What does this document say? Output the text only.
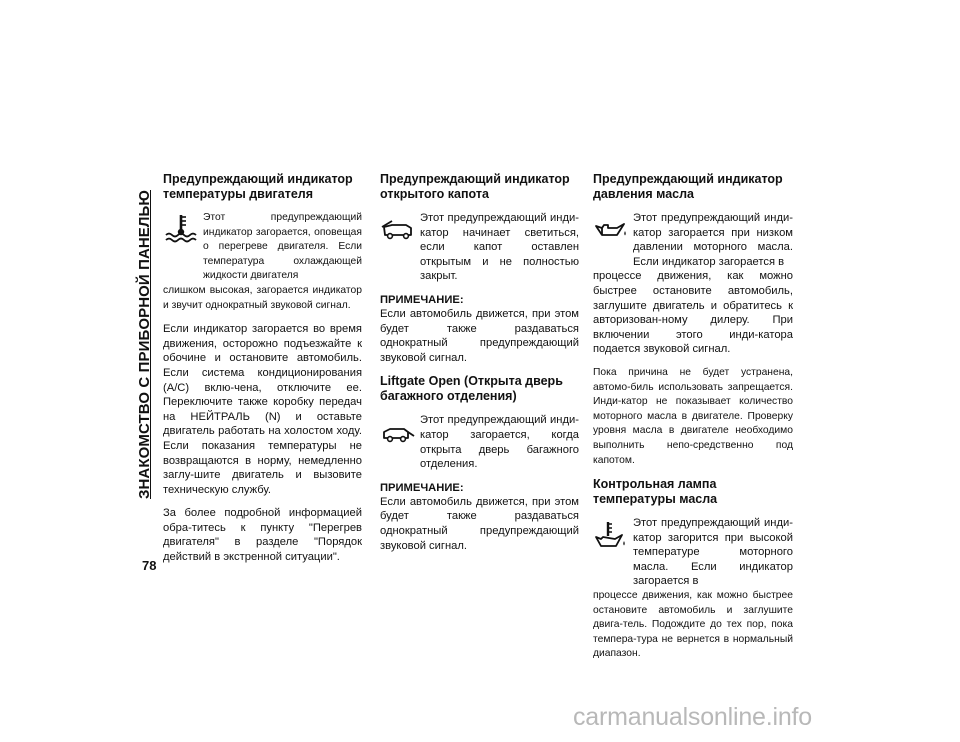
ЗНАКОМСТВО С ПРИБОРНОЙ ПАНЕЛЬЮ
78
Предупреждающий индикатор температуры двигателя

Этот предупреждающий индикатор загорается, оповещая о перегреве двигателя. Если температура охлаждающей жидкости двигателя

слишком высокая, загорается индикатор и звучит однократный звуковой сигнал.

Если индикатор загорается во время движения, осторожно подъезжайте к обочине и остановите автомобиль. Если система кондиционирования (A/C) вклю-чена, отключите ее. Переключите также коробку передач на НЕЙТРАЛЬ (N) и оставьте двигатель работать на холостом ходу. Если показания температуры не возвращаются в норму, немедленно заглу-шите двигатель и вызовите техническую службу.

За более подробной информацией обра-титесь к пункту "Перегрев двигателя" в разделе "Порядок действий в экстренной ситуации".

Предупреждающий индикатор открытого капота

Этот предупреждающий инди-катор начинает светиться, если капот оставлен открытым и не полностью закрыт.

ПРИМЕЧАНИЕ:

Если автомобиль движется, при этом будет также раздаваться однократный предупреждающий звуковой сигнал.

Liftgate Open (Открыта дверь багажного отделения)

Этот предупреждающий инди-катор загорается, когда открыта дверь багажного отделения.

ПРИМЕЧАНИЕ:

Если автомобиль движется, при этом будет также раздаваться однократный предупреждающий звуковой сигнал.

Предупреждающий индикатор давления масла

Этот предупреждающий инди-катор загорается при низком давлении моторного масла. Если индикатор загорается в

процессе движения, как можно быстрее остановите автомобиль, заглушите двигатель и обратитесь к авторизован-ному дилеру. При включении этого инди-катора подается звуковой сигнал.

Пока причина не будет устранена, автомо-биль использовать запрещается. Инди-катор не показывает количество моторного масла в двигателе. Проверку уровня масла в двигателе необходимо выполнить непо-средственно под капотом.

Контрольная лампа температуры масла

Этот предупреждающий инди-катор загорится при высокой температуре моторного масла. Если индикатор загорается в

процессе движения, как можно быстрее остановите автомобиль и заглушите двига-тель. Подождите до тех пор, пока темпера-тура не вернется в нормальный диапазон.

carmanualsonline.info
